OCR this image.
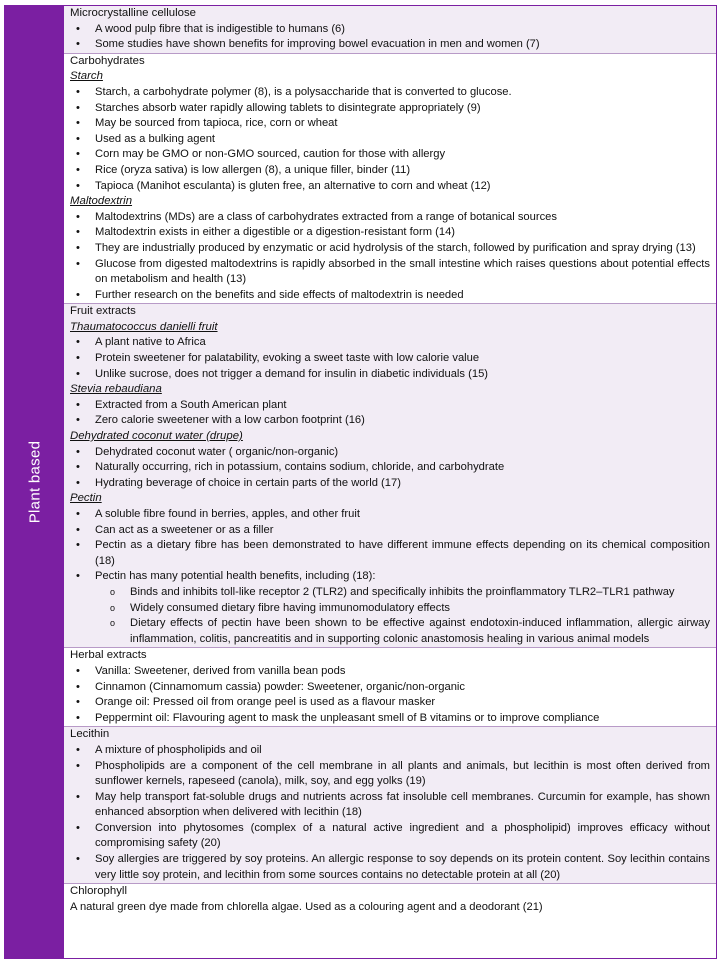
Plant based
Microcrystalline cellulose
• A wood pulp fibre that is indigestible to humans (6)
• Some studies have shown benefits for improving bowel evacuation in men and women (7)
Carbohydrates
Starch
• Starch, a carbohydrate polymer (8), is a polysaccharide that is converted to glucose.
• Starches absorb water rapidly allowing tablets to disintegrate appropriately (9)
• May be sourced from tapioca, rice, corn or wheat
• Used as a bulking agent
• Corn may be GMO or non-GMO sourced, caution for those with allergy
• Rice (oryza sativa) is low allergen (8), a unique filler, binder (11)
• Tapioca (Manihot esculanta) is gluten free, an alternative to corn and wheat (12)
Maltodextrin
• Maltodextrins (MDs) are a class of carbohydrates extracted from a range of botanical sources
• Maltodextrin exists in either a digestible or a digestion-resistant form (14)
• They are industrially produced by enzymatic or acid hydrolysis of the starch, followed by purification and spray drying (13)
• Glucose from digested maltodextrins is rapidly absorbed in the small intestine which raises questions about potential effects on metabolism and health (13)
• Further research on the benefits and side effects of maltodextrin is needed
Fruit extracts
Thaumatococcus danielli fruit
• A plant native to Africa
• Protein sweetener for palatability, evoking a sweet taste with low calorie value
• Unlike sucrose, does not trigger a demand for insulin in diabetic individuals (15)
Stevia rebaudiana
• Extracted from a South American plant
• Zero calorie sweetener with a low carbon footprint (16)
Dehydrated coconut water (drupe)
• Dehydrated coconut water ( organic/non-organic)
• Naturally occurring, rich in potassium, contains sodium, chloride, and carbohydrate
• Hydrating beverage of choice in certain parts of the world (17)
Pectin
• A soluble fibre found in berries, apples, and other fruit
• Can act as a sweetener or as a filler
• Pectin as a dietary fibre has been demonstrated to have different immune effects depending on its chemical composition (18)
• Pectin has many potential health benefits, including (18):
o Binds and inhibits toll-like receptor 2 (TLR2) and specifically inhibits the proinflammatory TLR2–TLR1 pathway
o Widely consumed dietary fibre having immunomodulatory effects
o Dietary effects of pectin have been shown to be effective against endotoxin-induced inflammation, allergic airway inflammation, colitis, pancreatitis and in supporting colonic anastomosis healing in various animal models
Herbal extracts
• Vanilla: Sweetener, derived from vanilla bean pods
• Cinnamon (Cinnamomum cassia) powder: Sweetener, organic/non-organic
• Orange oil: Pressed oil from orange peel is used as a flavour masker
• Peppermint oil: Flavouring agent to mask the unpleasant smell of B vitamins or to improve compliance
Lecithin
• A mixture of phospholipids and oil
• Phospholipids are a component of the cell membrane in all plants and animals, but lecithin is most often derived from sunflower kernels, rapeseed (canola), milk, soy, and egg yolks (19)
• May help transport fat-soluble drugs and nutrients across fat insoluble cell membranes. Curcumin for example, has shown enhanced absorption when delivered with lecithin (18)
• Conversion into phytosomes (complex of a natural active ingredient and a phospholipid) improves efficacy without compromising safety (20)
• Soy allergies are triggered by soy proteins. An allergic response to soy depends on its protein content. Soy lecithin contains very little soy protein, and lecithin from some sources contains no detectable protein at all (20)
Chlorophyll
A natural green dye made from chlorella algae. Used as a colouring agent and a deodorant (21)
